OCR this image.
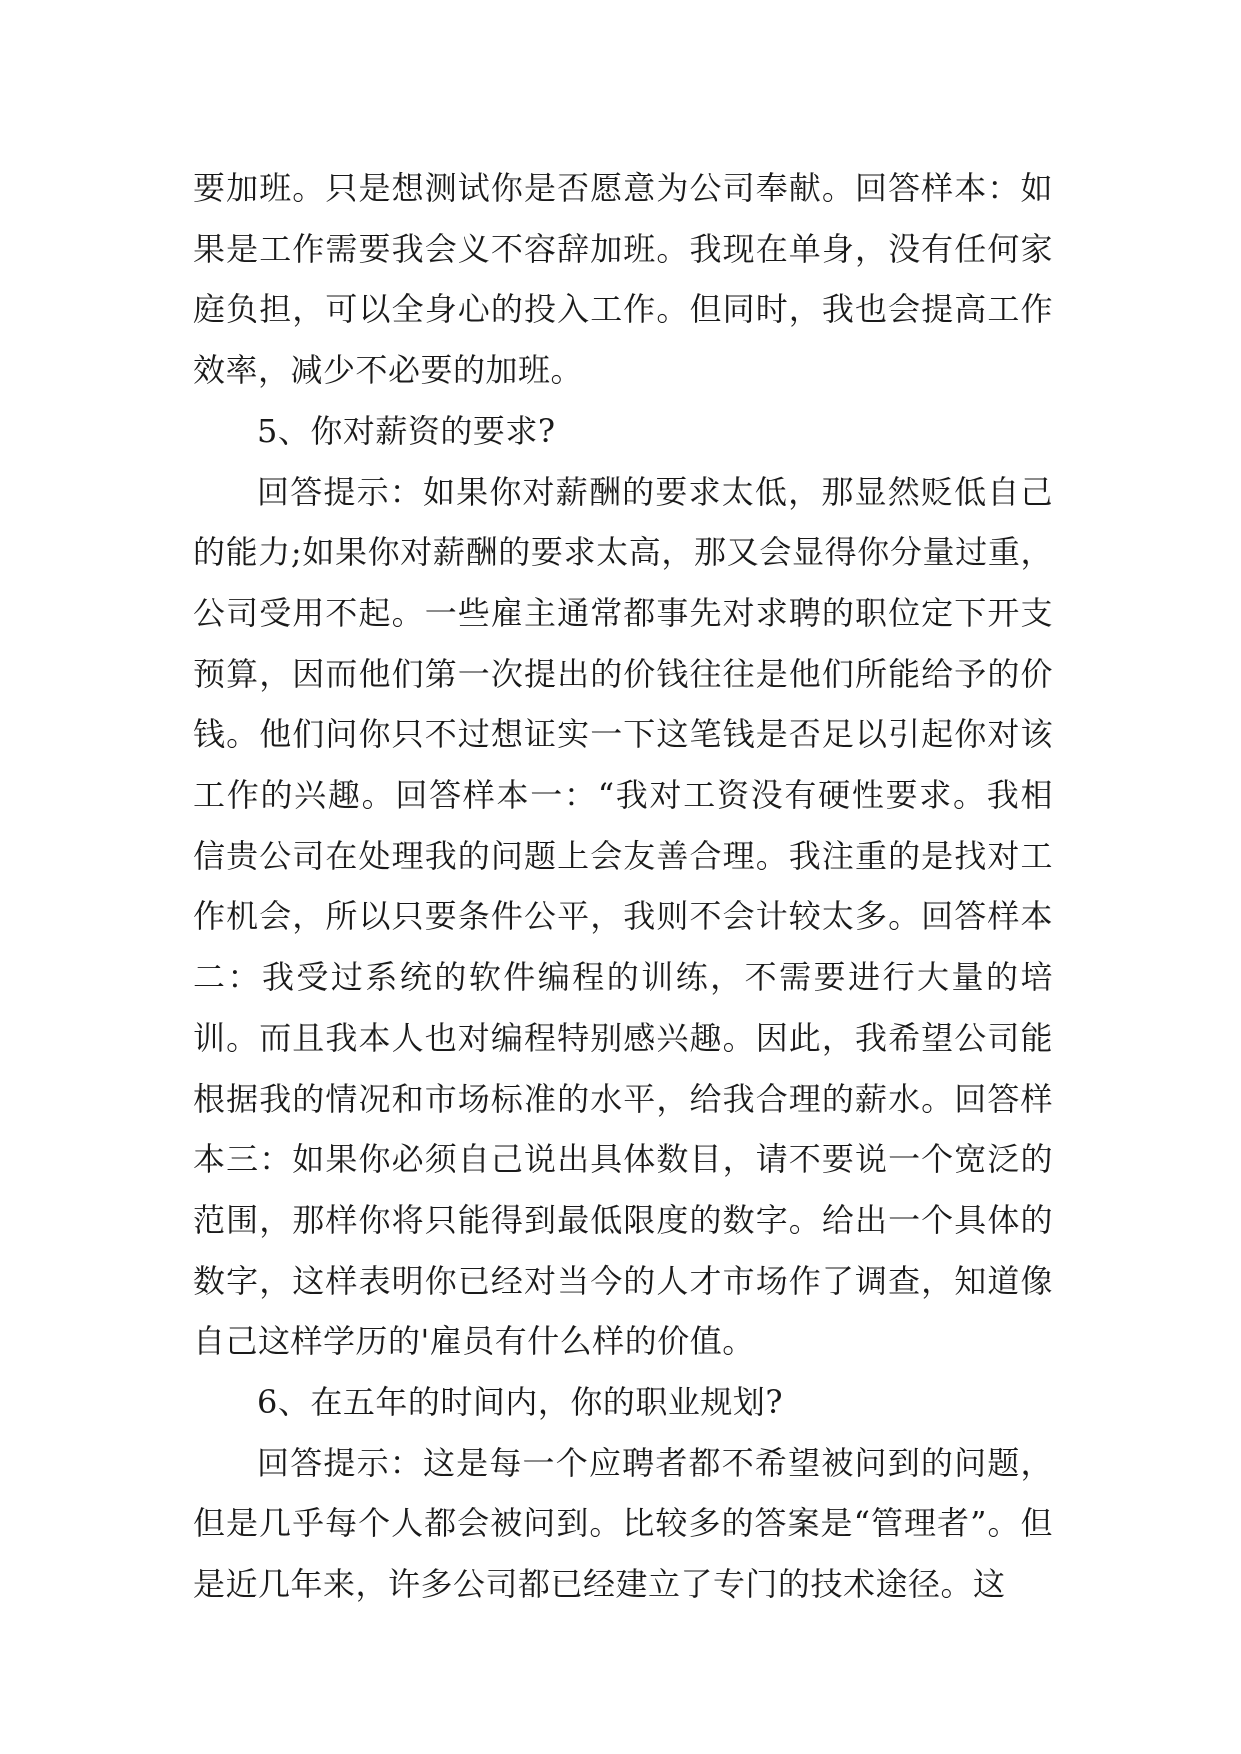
要加班。只是想测试你是否愿意为公司奉献。回答样本：如果是工作需要我会义不容辞加班。我现在单身，没有任何家庭负担，可以全身心的投入工作。但同时，我也会提高工作效率，减少不必要的加班。

5、你对薪资的要求?

回答提示：如果你对薪酬的要求太低，那显然贬低自己的能力;如果你对薪酬的要求太高，那又会显得你分量过重，公司受用不起。一些雇主通常都事先对求聘的职位定下开支预算，因而他们第一次提出的价钱往往是他们所能给予的价钱。他们问你只不过想证实一下这笔钱是否足以引起你对该工作的兴趣。回答样本一：“我对工资没有硬性要求。我相信贵公司在处理我的问题上会友善合理。我注重的是找对工作机会，所以只要条件公平，我则不会计较太多。回答样本二：我受过系统的软件编程的训练，不需要进行大量的培训。而且我本人也对编程特别感兴趣。因此，我希望公司能根据我的情况和市场标准的水平，给我合理的薪水。回答样本三：如果你必须自己说出具体数目，请不要说一个宽泛的范围，那样你将只能得到最低限度的数字。给出一个具体的数字，这样表明你已经对当今的人才市场作了调查，知道像自己这样学历的'雇员有什么样的价值。

6、在五年的时间内，你的职业规划?

回答提示：这是每一个应聘者都不希望被问到的问题，但是几乎每个人都会被问到。比较多的答案是“管理者”。但是近几年来，许多公司都已经建立了专门的技术途径。这
